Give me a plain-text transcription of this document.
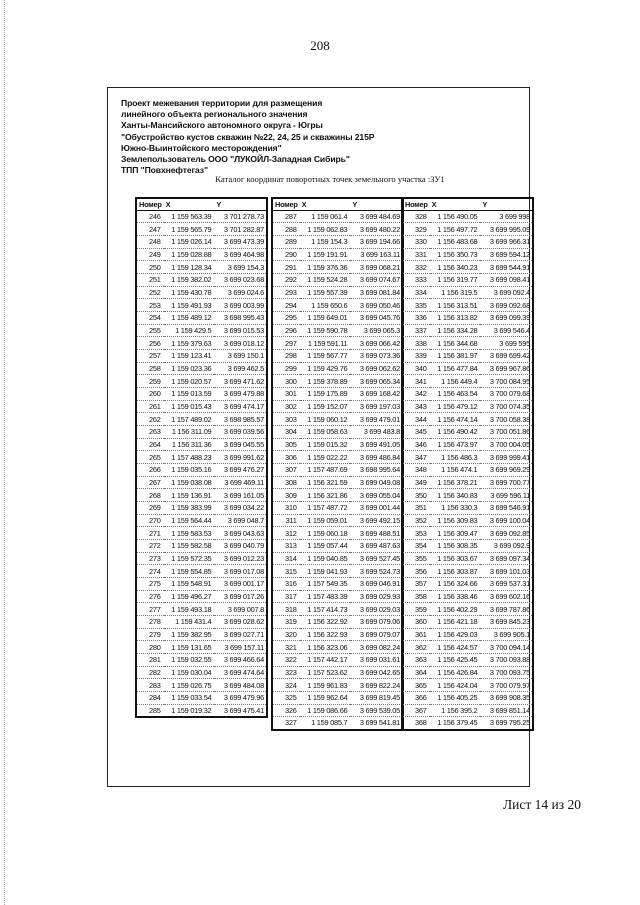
208
Проект межевания территории для размещения
линейного объекта регионального значения
Ханты-Мансийского автономного округа - Югры
"Обустройство кустов скважин №22, 24, 25 и скважины 215Р
Южно-Выинтойского месторождения"
Землепользователь ООО "ЛУКОЙЛ-Западная Сибирь"
ТПП "Повхнефтегаз"
Каталог координат поворотных точек земельного участка :ЗУ1
Номер	X	Y
246	1 159 563.39	3 701 278.73
247	1 159 565.79	3 701 282.87
248	1 159 026.14	3 699 473.39
249	1 159 028.88	3 699 464.98
250	1 159 128.34	3 699 154.3
251	1 159 382.02	3 699 023.68
252	1 159 430.78	3 699 024.6
253	1 159 491.93	3 699 003.99
254	1 159 489.12	3 698 995.43
255	1 159 429.5	3 699 015.53
256	1 159 379.63	3 699 018.12
257	1 159 123.41	3 699 150.1
258	1 159 023.36	3 699 462.5
259	1 159 020.57	3 699 471.62
260	1 159 013.59	3 699 479.88
261	1 159 015.43	3 699 474.17
262	1 157 489.02	3 698 985.57
263	1 156 311.09	3 699 039.56
264	1 156 311.36	3 699 045.55
265	1 157 488.23	3 699 991.62
266	1 159 035.16	3 699 476.27
267	1 159 038.08	3 699 469.11
268	1 159 136.91	3 699 161.05
269	1 159 383.99	3 699 034.22
270	1 159 564.44	3 699 048.7
271	1 159 583.53	3 699 043.63
272	1 159 582.58	3 699 040.79
273	1 159 572.35	3 699 012.23
274	1 159 554.85	3 699 017.08
275	1 159 548.91	3 699 001.17
276	1 159 496.27	3 699 017.26
277	1 159 493.18	3 699 007.8
278	1 159 431.4	3 699 028.62
279	1 159 382.95	3 699 027.71
280	1 159 131.65	3 699 157.11
281	1 159 032.55	3 699 466.64
282	1 159 030.04	3 699 474.64
283	1 159 026.75	3 699 484.08
284	1 159 033.54	3 699 479.96
285	1 159 019.32	3 699 475.41
Номер	X	Y
287	1 159 061.4	3 699 484.69
288	1 159 062.83	3 699 480.22
289	1 159 154.3	3 699 194.66
290	1 159 191.91	3 699 163.11
291	1 159 376.36	3 699 068.21
292	1 159 524.28	3 699 074.67
293	1 159 557.39	3 699 081.84
294	1 159 650.6	3 699 050.46
295	1 159 649.01	3 699 045.76
296	1 159 590.78	3 699 065.3
297	1 159 591.11	3 699 066.42
298	1 159 567.77	3 699 073.36
299	1 159 429.76	3 699 062.62
300	1 159 378.89	3 699 065.34
301	1 159 175.89	3 699 168.42
302	1 159 152.07	3 699 197.03
303	1 159 060.12	3 699 479.01
304	1 159 058.63	3 699 483.8
305	1 159 015.32	3 699 491.05
306	1 159 022.22	3 699 486.84
307	1 157 487.69	3 698 995.64
308	1 156 321.59	3 699 049.08
309	1 156 321.86	3 699 055.04
310	1 157 487.72	3 699 001.44
311	1 159 059.01	3 699 492.15
312	1 159 060.18	3 699 488.51
313	1 159 057.44	3 699 487.63
314	1 159 040.85	3 699 527.45
315	1 159 041.93	3 699 524.73
316	1 157 549.35	3 699 046.91
317	1 157 483.39	3 699 029.93
318	1 157 414.73	3 699 029.03
319	1 156 322.92	3 699 079.06
320	1 156 322.93	3 699 079.07
321	1 156 323.06	3 699 082.24
322	1 157 442.17	3 699 031.61
323	1 157 523.62	3 699 042.65
324	1 159 961.83	3 699 822.24
325	1 159 962.64	3 699 819.45
326	1 159 086.66	3 699 539.05
327	1 159 085.7	3 699 541.81
Номер	X	Y
328	1 156 490.05	3 699 998
329	1 156 497.72	3 699 995.09
330	1 156 483.68	3 699 966.31
331	1 156 350.73	3 699 594.12
332	1 156 340.23	3 699 544.91
333	1 156 319.77	3 699 098.41
334	1 156 319.5	3 699 092.4
335	1 156 313.51	3 699 092.68
336	1 156 313.82	3 699 099.39
337	1 156 334.28	3 699 546.4
338	1 156 344.68	3 699 595
339	1 156 381.97	3 699 699.42
340	1 156 477.84	3 699 967.86
341	1 156 449.4	3 700 084.95
342	1 156 463.54	3 700 079.68
343	1 156 479.12	3 700 074.35
344	1 156 474.14	3 700 058.38
345	1 156 490.42	3 700 051.86
346	1 156 473.97	3 700 004.05
347	1 156 486.3	3 699 999.41
348	1 156 474.1	3 699 969.29
349	1 156 378.21	3 699 700.77
350	1 156 340.83	3 699 596.11
351	1 156 330.3	3 699 546.91
352	1 156 309.83	3 699 100.04
353	1 156 309.47	3 699 092.85
354	1 156 308.35	3 699 092.9
355	1 156 303.67	3 699 097.34
356	1 156 303.87	3 699 101.03
357	1 156 324.66	3 699 537.31
358	1 156 338.46	3 699 602.16
359	1 156 402.29	3 699 787.86
360	1 156 421.18	3 699 845.23
361	1 156 429.03	3 699 905.1
362	1 156 424.57	3 700 094.14
363	1 156 425.45	3 700 093.88
364	1 156 426.84	3 700 093.75
365	1 156 424.04	3 700 079.97
366	1 156 405.25	3 699 908.35
367	1 156 395.2	3 699 851.14
368	1 156 379.45	3 699 795.25
Лист 14 из 20
